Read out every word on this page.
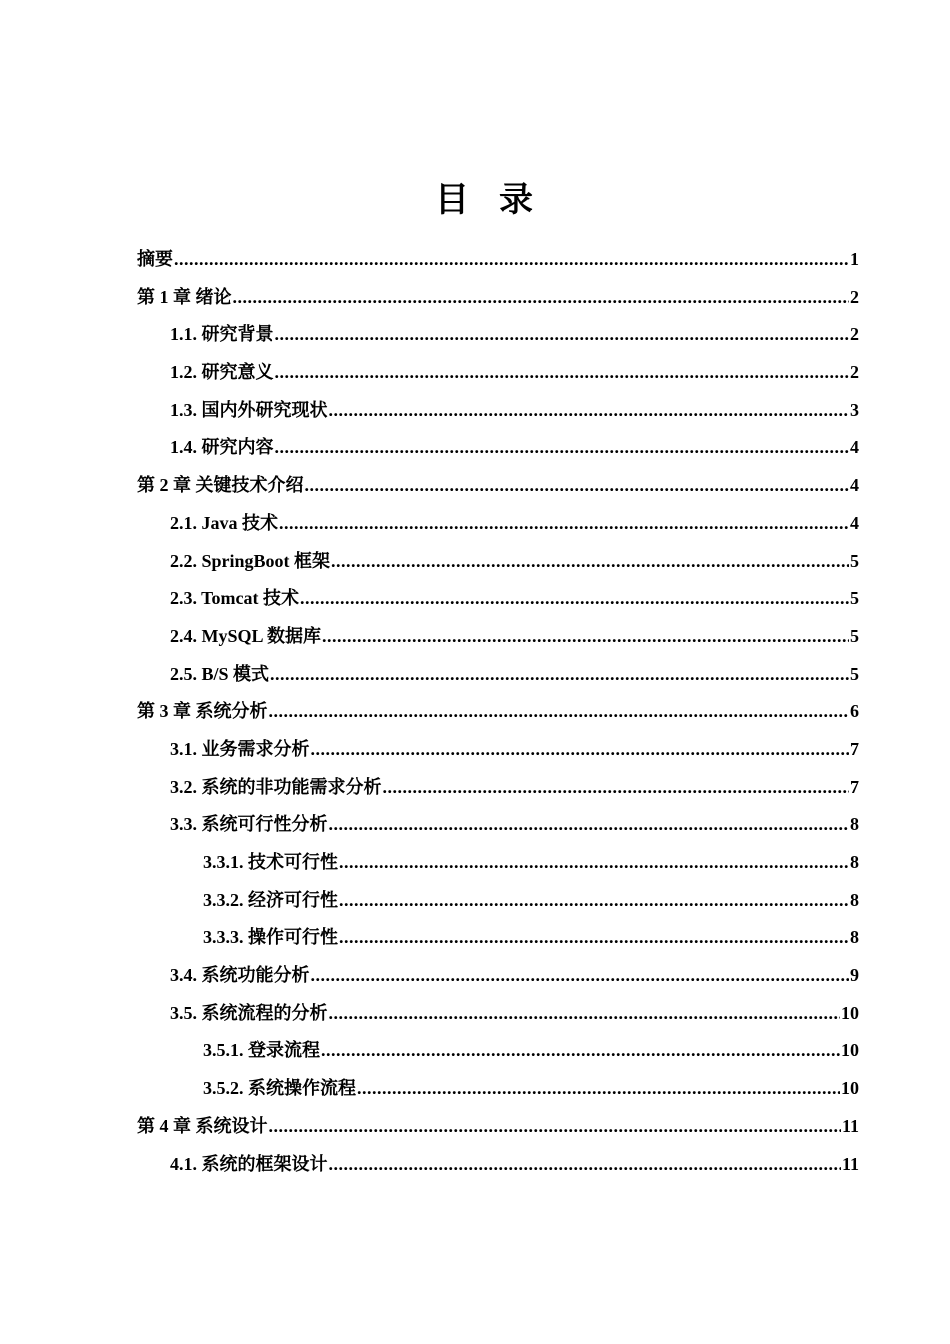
目录
摘要 .....	1
第 1 章 绪论 .....	2
1.1. 研究背景 .....	2
1.2. 研究意义 .....	2
1.3. 国内外研究现状 .....	3
1.4. 研究内容 .....	4
第 2 章 关键技术介绍 .....	4
2.1. Java 技术 .....	4
2.2. SpringBoot 框架 .....	5
2.3. Tomcat 技术 .....	5
2.4. MySQL 数据库 .....	5
2.5. B/S 模式 .....	5
第 3 章 系统分析 .....	6
3.1. 业务需求分析 .....	7
3.2. 系统的非功能需求分析 .....	7
3.3. 系统可行性分析 .....	8
3.3.1. 技术可行性 .....	8
3.3.2. 经济可行性 .....	8
3.3.3. 操作可行性 .....	8
3.4. 系统功能分析 .....	9
3.5. 系统流程的分析 .....	10
3.5.1. 登录流程 .....	10
3.5.2. 系统操作流程 .....	10
第 4 章 系统设计 .....	11
4.1. 系统的框架设计 .....	11
